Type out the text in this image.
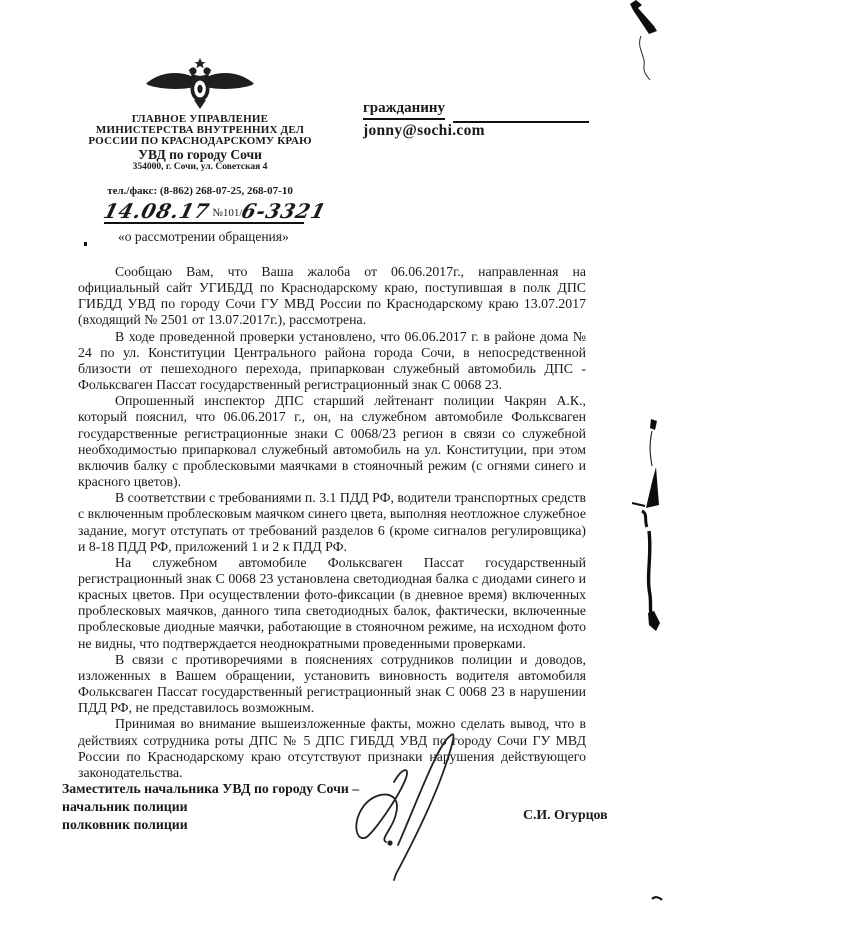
ГЛАВНОЕ УПРАВЛЕНИЕ
МИНИСТЕРСТВА ВНУТРЕННИХ ДЕЛ
РОССИИ ПО КРАСНОДАРСКОМУ КРАЮ
УВД по городу Сочи
354000, г. Сочи, ул. Советская 4
тел./факс: (8-862) 268-07-25, 268-07-10
14.08.17 №101/
6-3321
«о рассмотрении обращения»
гражданину
jonny@sochi.com

Сообщаю Вам, что Ваша жалоба от 06.06.2017г., направленная на официальный сайт УГИБДД по Краснодарскому краю, поступившая в полк ДПС ГИБДД УВД по городу Сочи ГУ МВД России по Краснодарскому краю 13.07.2017 (входящий № 2501 от 13.07.2017г.), рассмотрена.

В ходе проведенной проверки установлено, что 06.06.2017 г. в районе дома № 24 по ул. Конституции Центрального района города Сочи, в непосредственной близости от пешеходного перехода, припаркован служебный автомобиль ДПС - Фольксваген Пассат государственный регистрационный знак С 0068 23.

Опрошенный инспектор ДПС старший лейтенант полиции Чакрян А.К., который пояснил, что 06.06.2017 г., он, на служебном автомобиле Фольксваген государственные регистрационные знаки С 0068/23 регион в связи со служебной необходимостью припарковал служебный автомобиль на ул. Конституции, при этом включив балку с проблесковыми маячками в стояночный режим (с огнями синего и красного цветов).

В соответствии с требованиями п. 3.1 ПДД РФ, водители транспортных средств с включенным проблесковым маячком синего цвета, выполняя неотложное служебное задание, могут отступать от требований разделов 6 (кроме сигналов регулировщика) и 8-18 ПДД РФ, приложений 1 и 2 к ПДД РФ.

На служебном автомобиле Фольксваген Пассат государственный регистрационный знак С 0068 23 установлена светодиодная балка с диодами синего и красных цветов. При осуществлении фото-фиксации (в дневное время) включенных проблесковых маячков, данного типа светодиодных балок, фактически, включенные проблесковые диодные маячки, работающие в стояночном режиме, на исходном фото не видны, что подтверждается неоднократными проведенными проверками.

В связи с противоречиями в пояснениях сотрудников полиции и доводов, изложенных в Вашем обращении, установить виновность водителя автомобиля Фольксваген Пассат государственный регистрационный знак С 0068 23 в нарушении ПДД РФ, не представилось возможным.

Принимая во внимание вышеизложенные факты, можно сделать вывод, что в действиях сотрудника роты ДПС № 5 ДПС ГИБДД УВД по городу Сочи ГУ МВД России по Краснодарскому краю отсутствуют признаки нарушения действующего законодательства.

Заместитель начальника УВД по городу Сочи –
начальник полиции
полковник полиции
С.И. Огурцов
